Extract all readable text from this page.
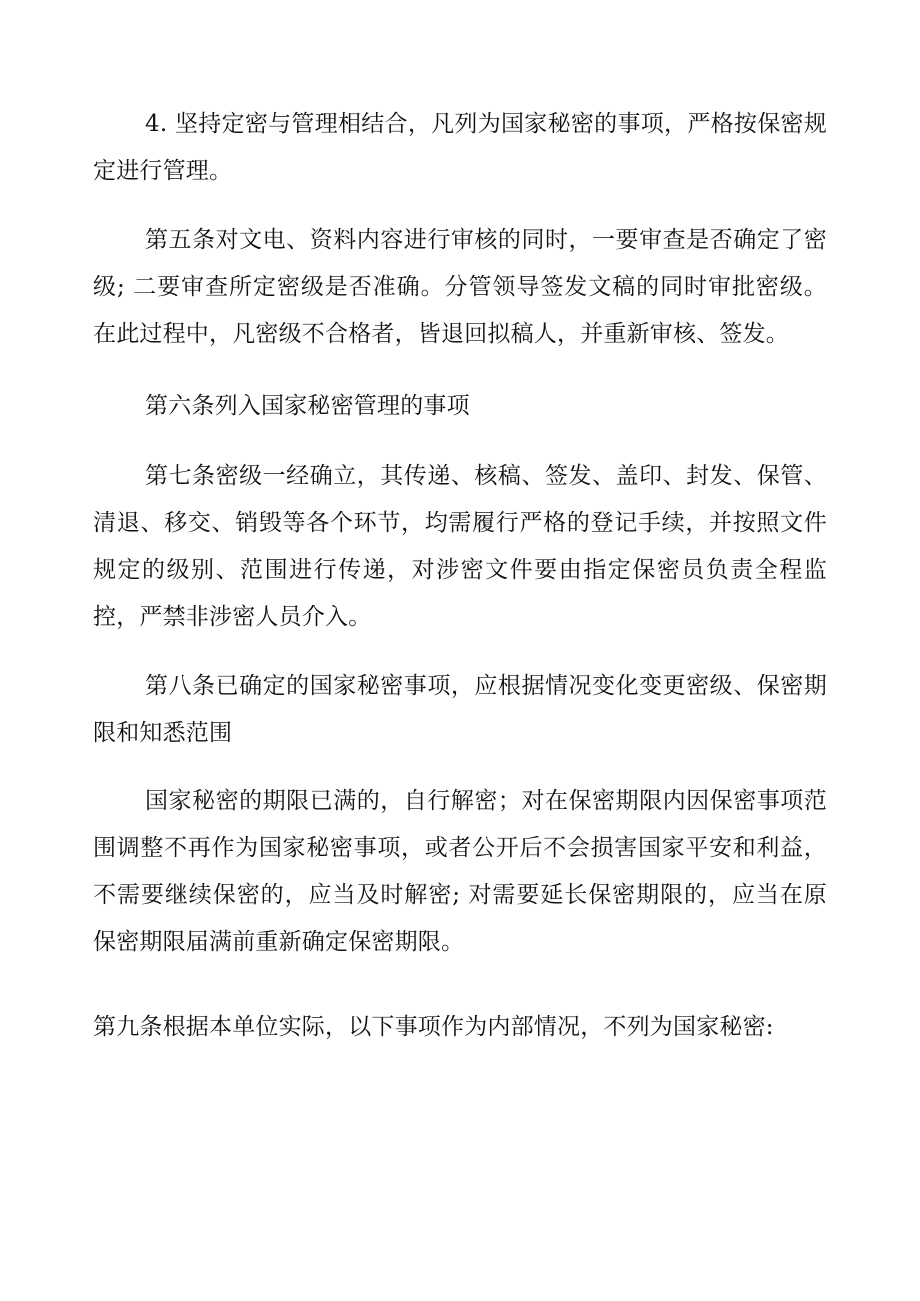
4. 坚持定密与管理相结合，凡列为国家秘密的事项，严格按保密规定进行管理。

第五条对文电、资料内容进行审核的同时，一要审查是否确定了密级; 二要审查所定密级是否准确。分管领导签发文稿的同时审批密级。在此过程中，凡密级不合格者，皆退回拟稿人，并重新审核、签发。

第六条列入国家秘密管理的事项

第七条密级一经确立，其传递、核稿、签发、盖印、封发、保管、清退、移交、销毁等各个环节，均需履行严格的登记手续，并按照文件规定的级别、范围进行传递，对涉密文件要由指定保密员负责全程监控，严禁非涉密人员介入。

第八条已确定的国家秘密事项，应根据情况变化变更密级、保密期限和知悉范围

国家秘密的期限已满的，自行解密；对在保密期限内因保密事项范围调整不再作为国家秘密事项，或者公开后不会损害国家平安和利益，不需要继续保密的，应当及时解密; 对需要延长保密期限的，应当在原保密期限届满前重新确定保密期限。

第九条根据本单位实际，以下事项作为内部情况，不列为国家秘密:
